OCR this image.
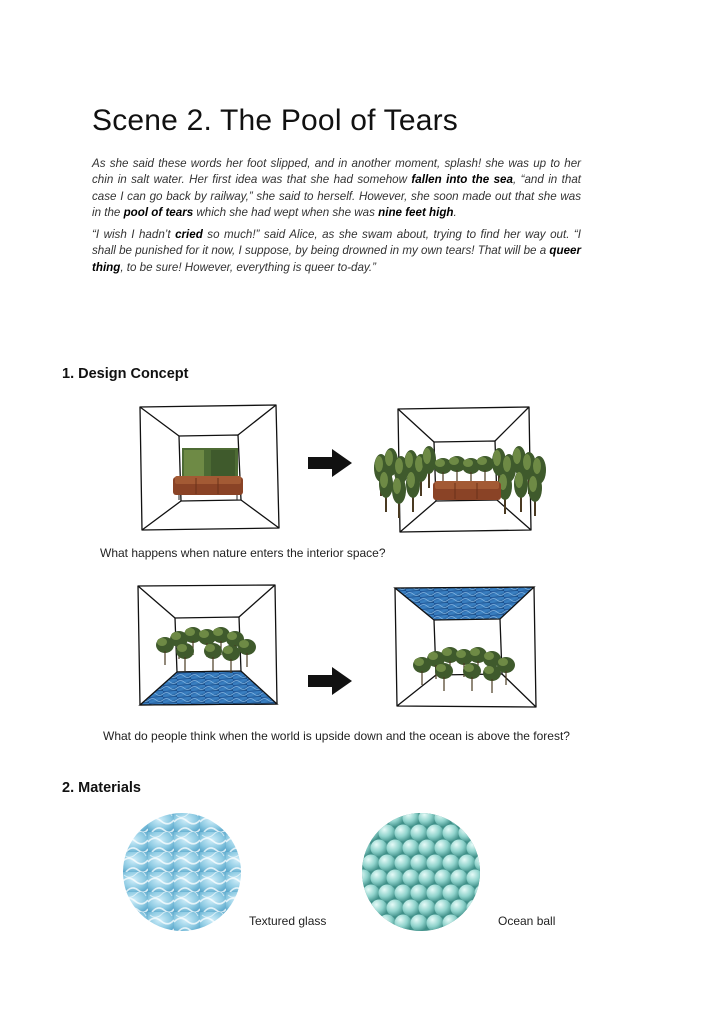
Scene 2. The Pool of Tears
As she said these words her foot slipped, and in another moment, splash! she was up to her chin in salt water. Her first idea was that she had somehow fallen into the sea, “and in that case I can go back by railway,” she said to herself. However, she soon made out that she was in the pool of tears which she had wept when she was nine feet high.
“I wish I hadn’t cried so much!” said Alice, as she swam about, trying to find her way out. “I shall be punished for it now, I suppose, by being drowned in my own tears! That will be a queer thing, to be sure! However, everything is queer to-day.”
1. Design Concept
What happens when nature enters the interior space?
What do people think when the world is upside down and the ocean is above the forest?
2. Materials
Textured glass	Ocean ball
